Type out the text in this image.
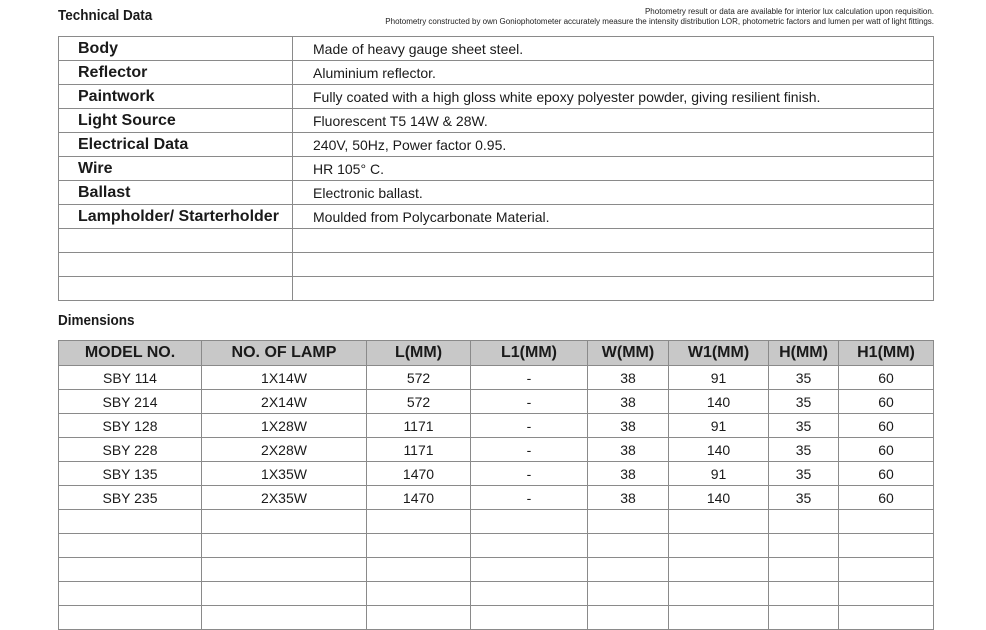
Technical Data	Photometry result or data are available for interior lux calculation upon requisition.
Photometry constructed by own Goniophotometer accurately measure the intensity distribution LOR, photometric factors and lumen per watt of light fittings.
Body	Made of heavy gauge sheet steel.
Reflector	Aluminium reflector.
Paintwork	Fully coated with a high gloss white epoxy polyester powder, giving resilient finish.
Light Source	Fluorescent T5 14W & 28W.
Electrical Data	240V, 50Hz, Power factor 0.95.
Wire	HR 105° C.
Ballast	Electronic ballast.
Lampholder/ Starterholder	Moulded from Polycarbonate Material.

Dimensions
MODEL NO.	NO. OF LAMP	L(MM)	L1(MM)	W(MM)	W1(MM)	H(MM)	H1(MM)
SBY 114	1X14W	572	-	38	91	35	60
SBY 214	2X14W	572	-	38	140	35	60
SBY 128	1X28W	1171	-	38	91	35	60
SBY 228	2X28W	1171	-	38	140	35	60
SBY 135	1X35W	1470	-	38	91	35	60
SBY 235	2X35W	1470	-	38	140	35	60
